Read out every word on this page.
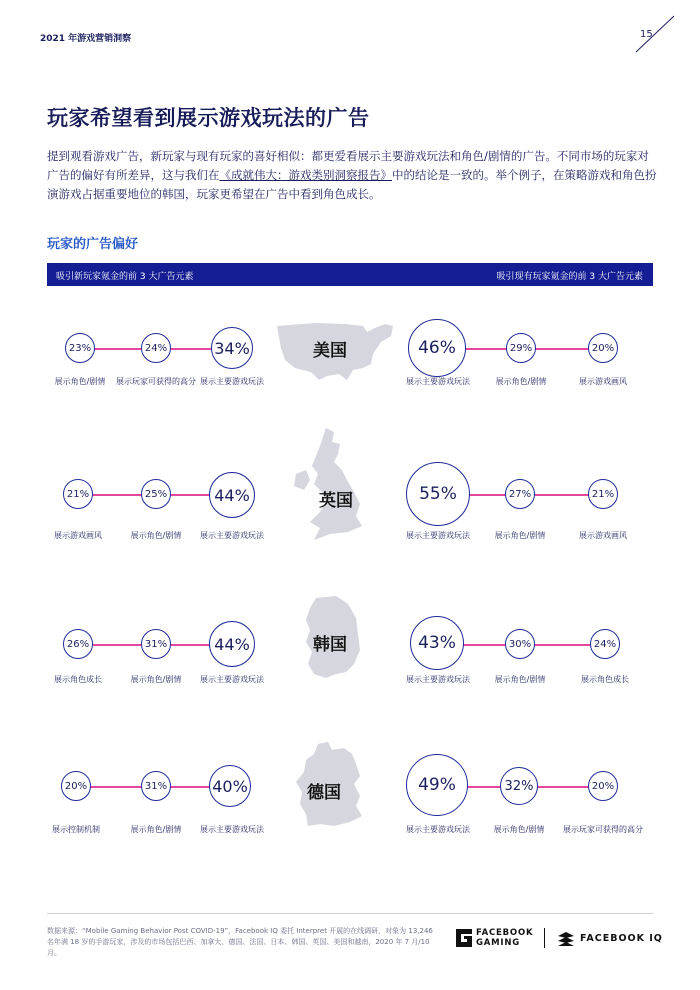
2021 年游戏营销洞察	15
玩家希望看到展示游戏玩法的广告
提到观看游戏广告，新玩家与现有玩家的喜好相似：都更爱看展示主要游戏玩法和角色/剧情的广告。不同市场的玩家对广告的偏好有所差异，这与我们在《成就伟大：游戏类别洞察报告》中的结论是一致的。举个例子，在策略游戏和角色扮演游戏占据重要地位的韩国，玩家更希望在广告中看到角色成长。
玩家的广告偏好
吸引新玩家氪金的前 3 大广告元素	吸引现有玩家氪金的前 3 大广告元素
美国
23%	24%	34%
展示角色/剧情	展示玩家可获得的高分 展示主要游戏玩法
46%	29%	20%
展示主要游戏玩法	展示角色/剧情	展示游戏画风
英国
21%	25%	44%
展示游戏画风	展示角色/剧情	展示主要游戏玩法
55%	27%	21%
展示主要游戏玩法	展示角色/剧情	展示游戏画风
韩国
26%	31%	44%
展示角色成长	展示角色/剧情	展示主要游戏玩法
43%	30%	24%
展示主要游戏玩法	展示角色/剧情	展示角色成长
德国
20%	31%	40%
展示控制机制	展示角色/剧情	展示主要游戏玩法
49%	32%	20%
展示主要游戏玩法	展示角色/剧情	展示玩家可获得的高分
数据来源：“Mobile Gaming Behavior Post COVID-19”，Facebook IQ 委托 Interpret 开展的在线调研，对象为 13,246 名年满 18 岁的手游玩家，涉及的市场包括巴西、加拿大、德国、法国、日本、韩国、英国、美国和越南，2020 年 7 月/10 月。
FACEBOOK
GAMING	FACEBOOK IQ
